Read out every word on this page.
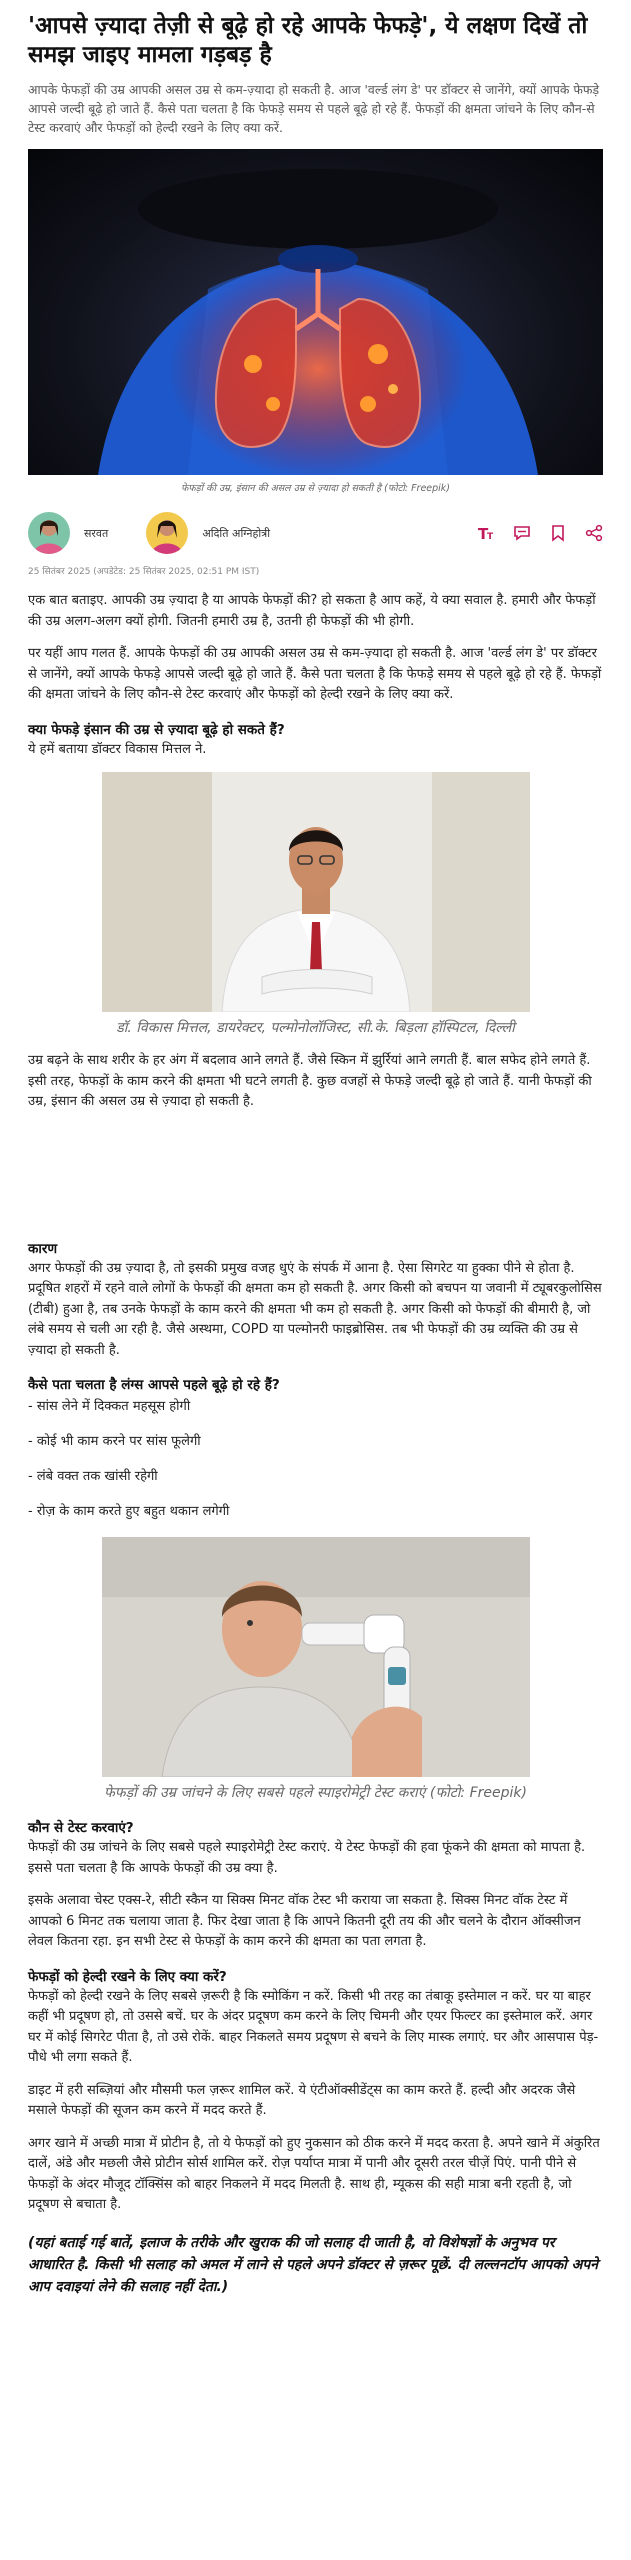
'आपसे ज़्यादा तेज़ी से बूढ़े हो रहे आपके फेफड़े', ये लक्षण दिखें तो समझ जाइए मामला गड़बड़ है

आपके फेफड़ों की उम्र आपकी असल उम्र से कम-ज़्यादा हो सकती है. आज 'वर्ल्ड लंग डे' पर डॉक्टर से जानेंगे, क्यों आपके फेफड़े आपसे जल्दी बूढ़े हो जाते हैं. कैसे पता चलता है कि फेफड़े समय से पहले बूढ़े हो रहे हैं. फेफड़ों की क्षमता जांचने के लिए कौन-से टेस्ट करवाएं और फेफड़ों को हेल्दी रखने के लिए क्या करें.

फेफड़ों की उम्र, इंसान की असल उम्र से ज़्यादा हो सकती है (फोटो: Freepik)
सरवत	अदिति अग्निहोत्री	T
T
25 सितंबर 2025 (अपडेटेड: 25 सितंबर 2025, 02:51 PM IST)

एक बात बताइए. आपकी उम्र ज़्यादा है या आपके फेफड़ों की? हो सकता है आप कहें, ये क्या सवाल है. हमारी और फेफड़ों की उम्र अलग-अलग क्यों होगी. जितनी हमारी उम्र है, उतनी ही फेफड़ों की भी होगी.

पर यहीं आप गलत हैं. आपके फेफड़ों की उम्र आपकी असल उम्र से कम-ज़्यादा हो सकती है. आज 'वर्ल्ड लंग डे' पर डॉक्टर से जानेंगे, क्यों आपके फेफड़े आपसे जल्दी बूढ़े हो जाते हैं. कैसे पता चलता है कि फेफड़े समय से पहले बूढ़े हो रहे हैं. फेफड़ों की क्षमता जांचने के लिए कौन-से टेस्ट करवाएं और फेफड़ों को हेल्दी रखने के लिए क्या करें.

क्या फेफड़े इंसान की उम्र से ज़्यादा बूढ़े हो सकते हैं?

ये हमें बताया डॉक्टर विकास मित्तल ने.

डॉ. विकास मित्तल, डायरेक्टर, पल्मोनोलॉजिस्ट, सी.के. बिड़ला हॉस्पिटल, दिल्ली

उम्र बढ़ने के साथ शरीर के हर अंग में बदलाव आने लगते हैं. जैसे स्किन में झुर्रियां आने लगती हैं. बाल सफेद होने लगते हैं. इसी तरह, फेफड़ों के काम करने की क्षमता भी घटने लगती है. कुछ वजहों से फेफड़े जल्दी बूढ़े हो जाते हैं. यानी फेफड़ों की उम्र, इंसान की असल उम्र से ज़्यादा हो सकती है.

कारण

अगर फेफड़ों की उम्र ज़्यादा है, तो इसकी प्रमुख वजह धुएं के संपर्क में आना है. ऐसा सिगरेट या हुक्का पीने से होता है. प्रदूषित शहरों में रहने वाले लोगों के फेफड़ों की क्षमता कम हो सकती है. अगर किसी को बचपन या जवानी में ट्यूबरकुलोसिस (टीबी) हुआ है, तब उनके फेफड़ों के काम करने की क्षमता भी कम हो सकती है. अगर किसी को फेफड़ों की बीमारी है, जो लंबे समय से चली आ रही है. जैसे अस्थमा, COPD या पल्मोनरी फाइब्रोसिस. तब भी फेफड़ों की उम्र व्यक्ति की उम्र से ज़्यादा हो सकती है.

कैसे पता चलता है लंग्स आपसे पहले बूढ़े हो रहे हैं?
- सांस लेने में दिक्कत महसूस होगी
- कोई भी काम करने पर सांस फूलेगी
- लंबे वक्त तक खांसी रहेगी
- रोज़ के काम करते हुए बहुत थकान लगेगी
फेफड़ों की उम्र जांचने के लिए सबसे पहले स्पाइरोमेट्री टेस्ट कराएं (फोटो: Freepik)
कौन से टेस्ट करवाएं?

फेफड़ों की उम्र जांचने के लिए सबसे पहले स्पाइरोमेट्री टेस्ट कराएं. ये टेस्ट फेफड़ों की हवा फूंकने की क्षमता को मापता है. इससे पता चलता है कि आपके फेफड़ों की उम्र क्या है.

इसके अलावा चेस्ट एक्स-रे, सीटी स्कैन या सिक्स मिनट वॉक टेस्ट भी कराया जा सकता है. सिक्स मिनट वॉक टेस्ट में आपको 6 मिनट तक चलाया जाता है. फिर देखा जाता है कि आपने कितनी दूरी तय की और चलने के दौरान ऑक्सीजन लेवल कितना रहा. इन सभी टेस्ट से फेफड़ों के काम करने की क्षमता का पता लगता है.

फेफड़ों को हेल्दी रखने के लिए क्या करें?

फेफड़ों को हेल्दी रखने के लिए सबसे ज़रूरी है कि स्मोकिंग न करें. किसी भी तरह का तंबाकू इस्तेमाल न करें. घर या बाहर कहीं भी प्रदूषण हो, तो उससे बचें. घर के अंदर प्रदूषण कम करने के लिए चिमनी और एयर फिल्टर का इस्तेमाल करें. अगर घर में कोई सिगरेट पीता है, तो उसे रोकें. बाहर निकलते समय प्रदूषण से बचने के लिए मास्क लगाएं. घर और आसपास पेड़-पौधे भी लगा सकते हैं.

डाइट में हरी सब्ज़ियां और मौसमी फल ज़रूर शामिल करें. ये एंटीऑक्सीडेंट्स का काम करते हैं. हल्दी और अदरक जैसे मसाले फेफड़ों की सूजन कम करने में मदद करते हैं.

अगर खाने में अच्छी मात्रा में प्रोटीन है, तो ये फेफड़ों को हुए नुकसान को ठीक करने में मदद करता है. अपने खाने में अंकुरित दालें, अंडे और मछली जैसे प्रोटीन सोर्स शामिल करें. रोज़ पर्याप्त मात्रा में पानी और दूसरी तरल चीज़ें पिएं. पानी पीने से फेफड़ों के अंदर मौजूद टॉक्सिंस को बाहर निकलने में मदद मिलती है. साथ ही, म्यूकस की सही मात्रा बनी रहती है, जो प्रदूषण से बचाता है.

(यहां बताई गई बातें, इलाज के तरीके और खुराक की जो सलाह दी जाती है, वो विशेषज्ञों के अनुभव पर आधारित है. किसी भी सलाह को अमल में लाने से पहले अपने डॉक्टर से ज़रूर पूछें. दी लल्लनटॉप आपको अपने आप दवाइयां लेने की सलाह नहीं देता.)
